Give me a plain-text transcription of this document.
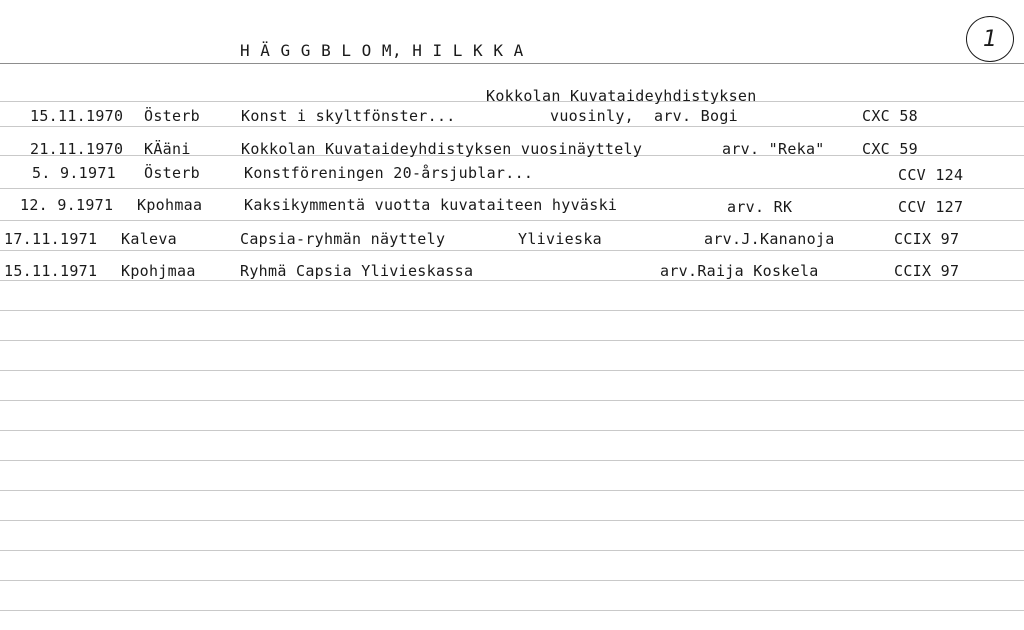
H Ä G G B L O M, H I L K K A	1
Kokkolan Kuvataideyhdistyksen
15.11.1970 Österb	Konst i skyltfönster...	vuosinly, arv. Bogi	CXC 58
21.11.1970 KÄäni	Kokkolan Kuvataideyhdistyksen vuosinäyttely	arv. "Reka" CXC 59
5. 9.1971 Österb	Konstföreningen 20-årsjublar...	CCV 124
12. 9.1971 Kpohmaa	Kaksikymmentä vuotta kuvataiteen hyväski	arv. RK	CCV 127
17.11.1971 Kaleva	Capsia-ryhmän näyttely	Ylivieska	arv.J.Kananoja	CCIX 97
15.11.1971 Kpohjmaa	Ryhmä Capsia Ylivieskassa	arv.Raija Koskela	CCIX 97
